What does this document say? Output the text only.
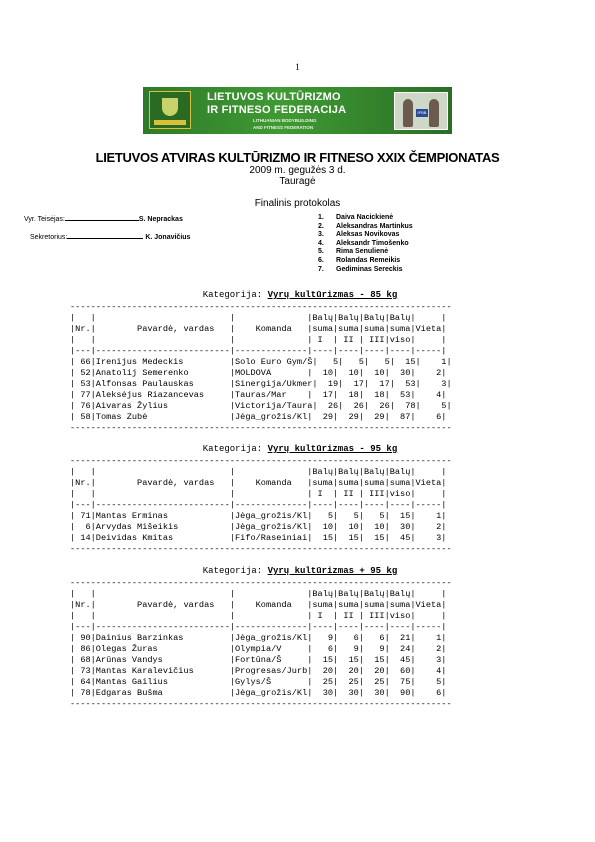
1
LIETUVOS KULTŪRIZMO
IR FITNESO FEDERACIJA
LITHUANIAN BODYBUILDING
AND FITNESS FEDERATION
IFBB
LIETUVOS ATVIRAS KULTŪRIZMO IR FITNESO XXIX ČEMPIONATAS
2009 m. gegužės 3 d.
Tauragė
Finalinis protokolas
Vyr. Teisėjas:	S. Neprackas
Sekretorius:	K. Jonavičius
1. Daiva Nacickienė
2. Aleksandras Martinkus
3. Aleksas Novikovas
4. Aleksandr Timošenko
5. Rima Senulienė
6. Rolandas Remeikis
7. Gediminas Sereckis
Kategorija: Vyrų kultūrizmas - 85 kg
--------------------------------------------------------------------------
|   |                          |              |Balų|Balų|Balų|Balų|     |
|Nr.|        Pavardė, vardas   |    Komanda   |suma|suma|suma|suma|Vieta|
|   |                          |              | I  | II | III|viso|     |
|---|--------------------------|--------------|----|----|----|----|-----|
| 66|Irenijus Medeckis         |Solo Euro Gym/Š|   5|   5|   5|  15|    1|
| 52|Anatolij Semerenko        |MOLDOVA       |  10|  10|  10|  30|    2|
| 53|Alfonsas Paulauskas       |Sinergija/Ukmer|  19|  17|  17|  53|    3|
| 77|Aleksėjus Riazancevas     |Tauras/Mar    |  17|  18|  18|  53|    4|
| 76|Aivaras Žylius            |Victorija/Taura|  26|  26|  26|  78|    5|
| 58|Tomas Zubė                |Jėga_grožis/Kl|  29|  29|  29|  87|    6|
--------------------------------------------------------------------------
Kategorija: Vyrų kultūrizmas - 95 kg
--------------------------------------------------------------------------
|   |                          |              |Balų|Balų|Balų|Balų|     |
|Nr.|        Pavardė, vardas   |    Komanda   |suma|suma|suma|suma|Vieta|
|   |                          |              | I  | II | III|viso|     |
|---|--------------------------|--------------|----|----|----|----|-----|
| 71|Mantas Erminas            |Jėga_grožis/Kl|   5|   5|   5|  15|    1|
|  6|Arvydas Mišeikis          |Jėga_grožis/Kl|  10|  10|  10|  30|    2|
| 14|Deividas Kmitas           |Fifo/Raseiniai|  15|  15|  15|  45|    3|
--------------------------------------------------------------------------
Kategorija: Vyrų kultūrizmas + 95 kg
--------------------------------------------------------------------------
|   |                          |              |Balų|Balų|Balų|Balų|     |
|Nr.|        Pavardė, vardas   |    Komanda   |suma|suma|suma|suma|Vieta|
|   |                          |              | I  | II | III|viso|     |
|---|--------------------------|--------------|----|----|----|----|-----|
| 90|Dainius Barzinkas         |Jėga_grožis/Kl|   9|   6|   6|  21|    1|
| 86|Olegas Žuras              |Olympia/V     |   6|   9|   9|  24|    2|
| 68|Arūnas Vandys             |Fortūna/Š     |  15|  15|  15|  45|    3|
| 73|Mantas Karalevičius       |Progresas/Jurb|  20|  20|  20|  60|    4|
| 64|Mantas Gailius            |Gylys/Š       |  25|  25|  25|  75|    5|
| 78|Edgaras Bušma             |Jėga_grožis/Kl|  30|  30|  30|  90|    6|
--------------------------------------------------------------------------
